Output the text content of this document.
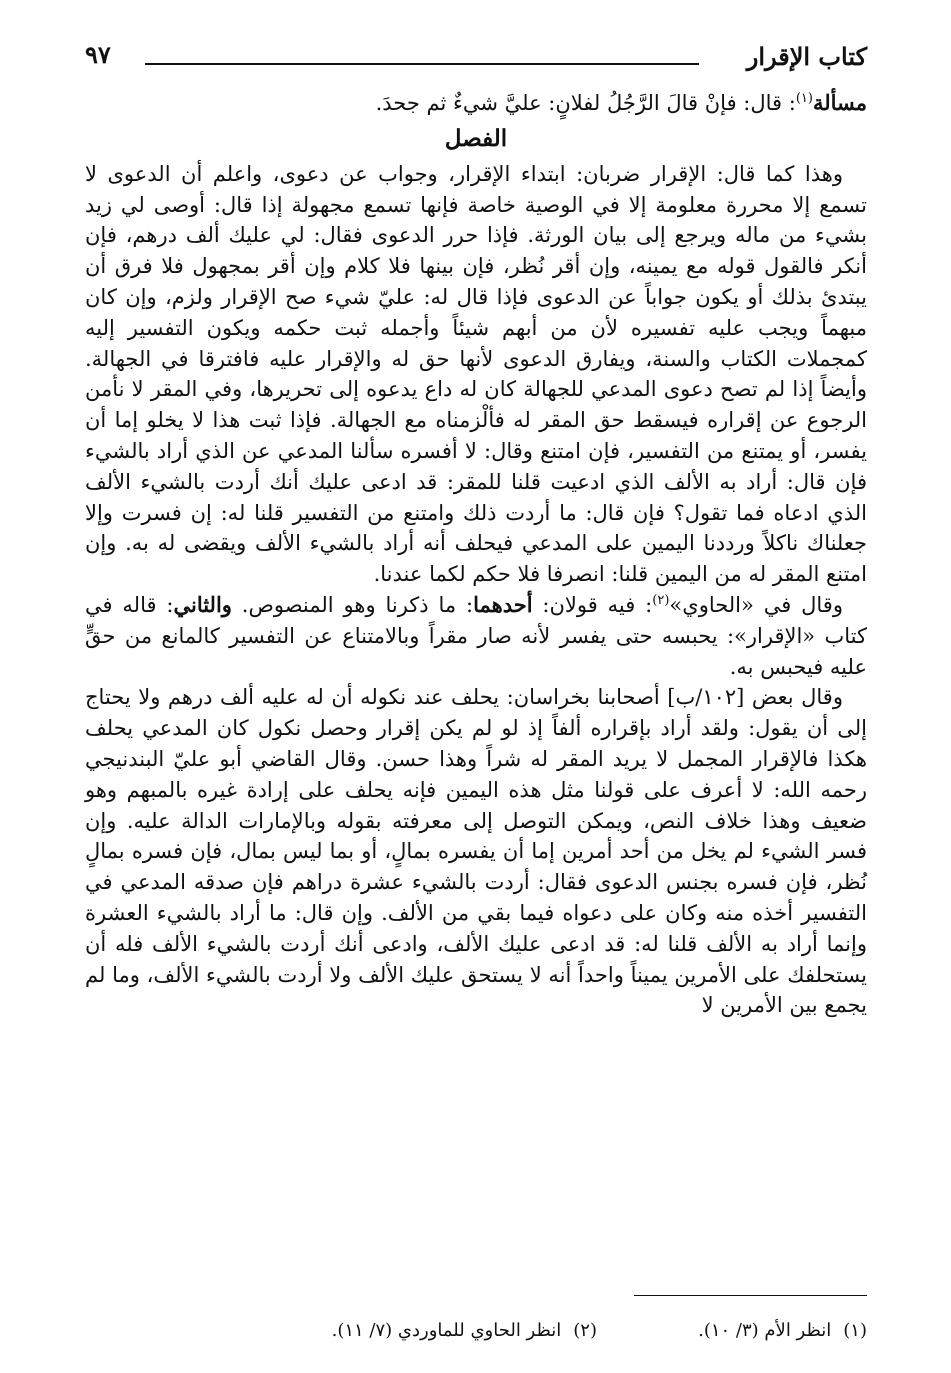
كتاب الإقرار
٩٧

مسألة$^{(١)}$: قال: فإنْ قالَ الرَّجُلُ لفلانٍ: عليَّ شيءٌ ثم جحدَ.

الفصل

وهذا كما قال: الإقرار ضربان: ابتداء الإقرار، وجواب عن دعوى، واعلم أن الدعوى لا تسمع إلا محررة معلومة إلا في الوصية خاصة فإنها تسمع مجهولة إذا قال: أوصى لي زيد بشيء من ماله ويرجع إلى بيان الورثة. فإذا حرر الدعوى فقال: لي عليك ألف درهم، فإن أنكر فالقول قوله مع يمينه، وإن أقر نُظر، فإن بينها فلا كلام وإن أقر بمجهول فلا فرق أن يبتدئ بذلك أو يكون جواباً عن الدعوى فإذا قال له: عليّ شيء صح الإقرار ولزم، وإن كان مبهماً ويجب عليه تفسيره لأن من أبهم شيئاً وأجمله ثبت حكمه ويكون التفسير إليه كمجملات الكتاب والسنة، ويفارق الدعوى لأنها حق له والإقرار عليه فافترقا في الجهالة. وأيضاً إذا لم تصح دعوى المدعي للجهالة كان له داع يدعوه إلى تحريرها، وفي المقر لا نأمن الرجوع عن إقراره فيسقط حق المقر له فألْزمناه مع الجهالة. فإذا ثبت هذا لا يخلو إما أن يفسر، أو يمتنع من التفسير، فإن امتنع وقال: لا أفسره سألنا المدعي عن الذي أراد بالشيء فإن قال: أراد به الألف الذي ادعيت قلنا للمقر: قد ادعى عليك أنك أردت بالشيء الألف الذي ادعاه فما تقول؟ فإن قال: ما أردت ذلك وامتنع من التفسير قلنا له: إن فسرت وإلا جعلناك ناكلاً ورددنا اليمين على المدعي فيحلف أنه أراد بالشيء الألف ويقضى له به. وإن امتنع المقر له من اليمين قلنا: انصرفا فلا حكم لكما عندنا.

وقال في «الحاوي»$^{(٢)}$: فيه قولان: أحدهما: ما ذكرنا وهو المنصوص. والثاني: قاله في كتاب «الإقرار»: يحبسه حتى يفسر لأنه صار مقراً وبالامتناع عن التفسير كالمانع من حقٍّ عليه فيحبس به.

وقال بعض [١٠٢/ب] أصحابنا بخراسان: يحلف عند نكوله أن له عليه ألف درهم ولا يحتاج إلى أن يقول: ولقد أراد بإقراره ألفاً إذ لو لم يكن إقرار وحصل نكول كان المدعي يحلف هكذا فالإقرار المجمل لا يريد المقر له شراً وهذا حسن. وقال القاضي أبو عليّ البندنيجي رحمه الله: لا أعرف على قولنا مثل هذه اليمين فإنه يحلف على إرادة غيره بالمبهم وهو ضعيف وهذا خلاف النص، ويمكن التوصل إلى معرفته بقوله وبالإمارات الدالة عليه. وإن فسر الشيء لم يخل من أحد أمرين إما أن يفسره بمالٍ، أو بما ليس بمال، فإن فسره بمالٍ نُظر، فإن فسره بجنس الدعوى فقال: أردت بالشيء عشرة دراهم فإن صدقه المدعي في التفسير أخذه منه وكان على دعواه فيما بقي من الألف. وإن قال: ما أراد بالشيء العشرة وإنما أراد به الألف قلنا له: قد ادعى عليك الألف، وادعى أنك أردت بالشيء الألف فله أن يستحلفك على الأمرين يميناً واحداً أنه لا يستحق عليك الألف ولا أردت بالشيء الألف، وما لم يجمع بين الأمرين لا

(١)انظر الأم (٣/ ١٠).
(٢)انظر الحاوي للماوردي (٧/ ١١).
